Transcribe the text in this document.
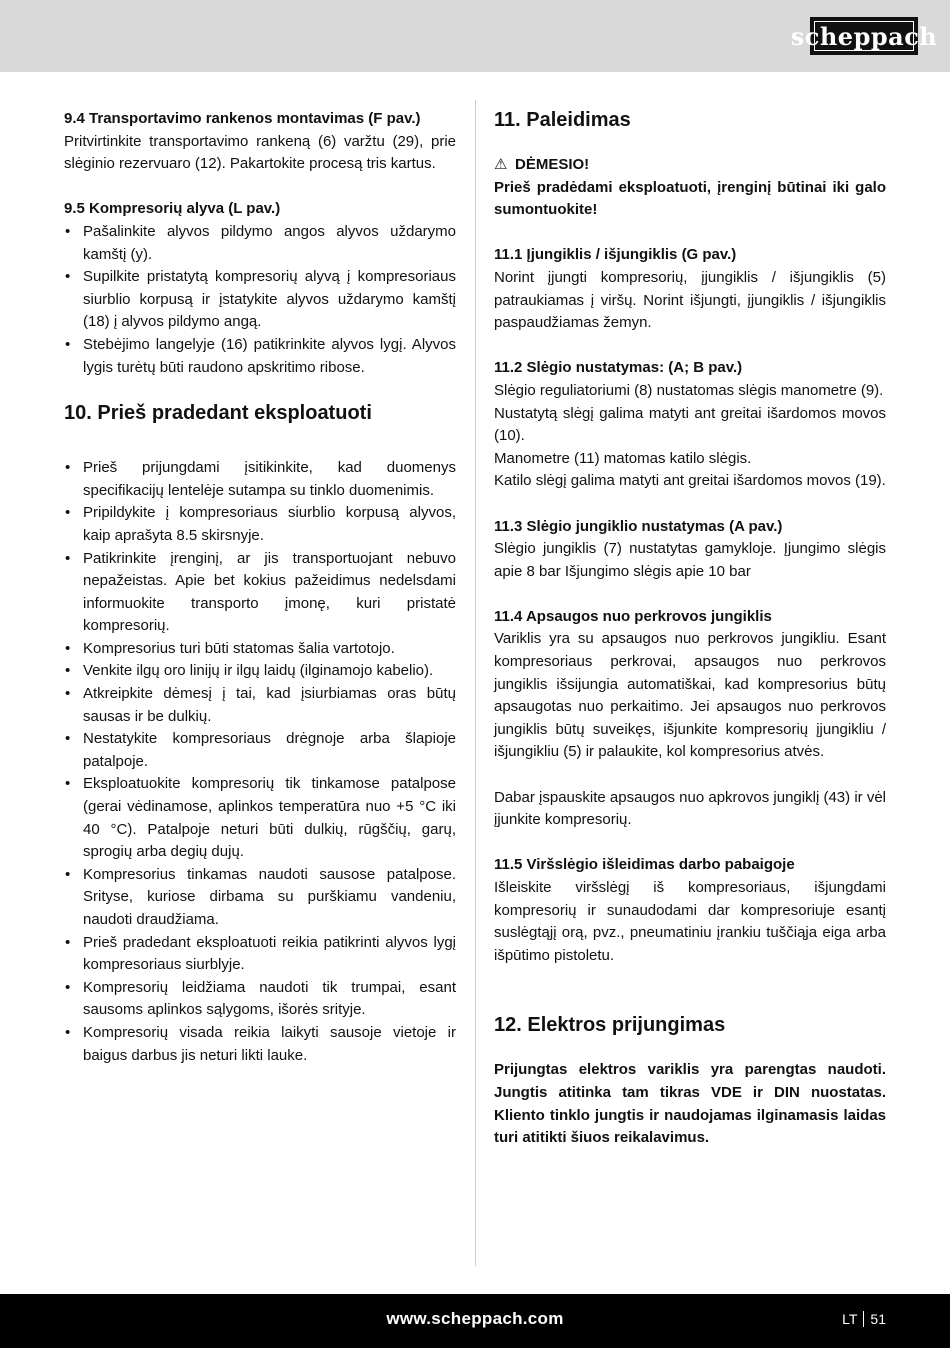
scheppach
9.4 Transportavimo rankenos montavimas (F pav.)

Pritvirtinkite transportavimo rankeną (6) varžtu (29), prie slėginio rezervuaro (12). Pakartokite procesą tris kartus.

9.5 Kompresorių alyva (L pav.)
• Pašalinkite alyvos pildymo angos alyvos uždarymo kamštį (y).
• Supilkite pristatytą kompresorių alyvą į kompresoriaus siurblio korpusą ir įstatykite alyvos uždarymo kamštį (18) į alyvos pildymo angą.
• Stebėjimo langelyje (16) patikrinkite alyvos lygį. Alyvos lygis turėtų būti raudono apskritimo ribose.
10. Prieš pradedant eksploatuoti
• Prieš prijungdami įsitikinkite, kad duomenys specifikacijų lentelėje sutampa su tinklo duomenimis.
• Pripildykite į kompresoriaus siurblio korpusą alyvos, kaip aprašyta 8.5 skirsnyje.
• Patikrinkite įrenginį, ar jis transportuojant nebuvo nepažeistas. Apie bet kokius pažeidimus nedelsdami informuokite transporto įmonę, kuri pristatė kompresorių.
• Kompresorius turi būti statomas šalia vartotojo.
• Venkite ilgų oro linijų ir ilgų laidų (ilginamojo kabelio).
• Atkreipkite dėmesį į tai, kad įsiurbiamas oras būtų sausas ir be dulkių.
• Nestatykite kompresoriaus drėgnoje arba šlapioje patalpoje.
• Eksploatuokite kompresorių tik tinkamose patalpose (gerai vėdinamose, aplinkos temperatūra nuo +5 °C iki 40 °C). Patalpoje neturi būti dulkių, rūgščių, garų, sprogių arba degių dujų.
• Kompresorius tinkamas naudoti sausose patalpose. Srityse, kuriose dirbama su purškiamu vandeniu, naudoti draudžiama.
• Prieš pradedant eksploatuoti reikia patikrinti alyvos lygį kompresoriaus siurblyje.
• Kompresorių leidžiama naudoti tik trumpai, esant sausoms aplinkos sąlygoms, išorės srityje.
• Kompresorių visada reikia laikyti sausoje vietoje ir baigus darbus jis neturi likti lauke.
11. Paleidimas
⚠ DĖMESIO!

Prieš pradėdami eksploatuoti, įrenginį būtinai iki galo sumontuokite!

11.1 Įjungiklis / išjungiklis (G pav.)

Norint įjungti kompresorių, įjungiklis / išjungiklis (5) patraukiamas į viršų. Norint išjungti, įjungiklis / išjungiklis paspaudžiamas žemyn.

11.2 Slėgio nustatymas: (A; B pav.)

Slėgio reguliatoriumi (8) nustatomas slėgis manometre (9).

Nustatytą slėgį galima matyti ant greitai išardomos movos (10).

Manometre (11) matomas katilo slėgis.

Katilo slėgį galima matyti ant greitai išardomos movos (19).

11.3 Slėgio jungiklio nustatymas (A pav.)

Slėgio jungiklis (7) nustatytas gamykloje. Įjungimo slėgis apie 8 bar Išjungimo slėgis apie 10 bar

11.4 Apsaugos nuo perkrovos jungiklis

Variklis yra su apsaugos nuo perkrovos jungikliu. Esant kompresoriaus perkrovai, apsaugos nuo perkrovos jungiklis išsijungia automatiškai, kad kompresorius būtų apsaugotas nuo perkaitimo. Jei apsaugos nuo perkrovos jungiklis būtų suveikęs, išjunkite kompresorių įjungikliu / išjungikliu (5) ir palaukite, kol kompresorius atvės.

Dabar įspauskite apsaugos nuo apkrovos jungiklį (43) ir vėl įjunkite kompresorių.

11.5 Viršslėgio išleidimas darbo pabaigoje

Išleiskite viršslėgį iš kompresoriaus, išjungdami kompresorių ir sunaudodami dar kompresoriuje esantį suslėgtąjį orą, pvz., pneumatiniu įrankiu tuščiąja eiga arba išpūtimo pistoletu.

12. Elektros prijungimas

Prijungtas elektros variklis yra parengtas naudoti. Jungtis atitinka tam tikras VDE ir DIN nuostatas. Kliento tinklo jungtis ir naudojamas ilginamasis laidas turi atitikti šiuos reikalavimus.

www.scheppach.com	LT 51
